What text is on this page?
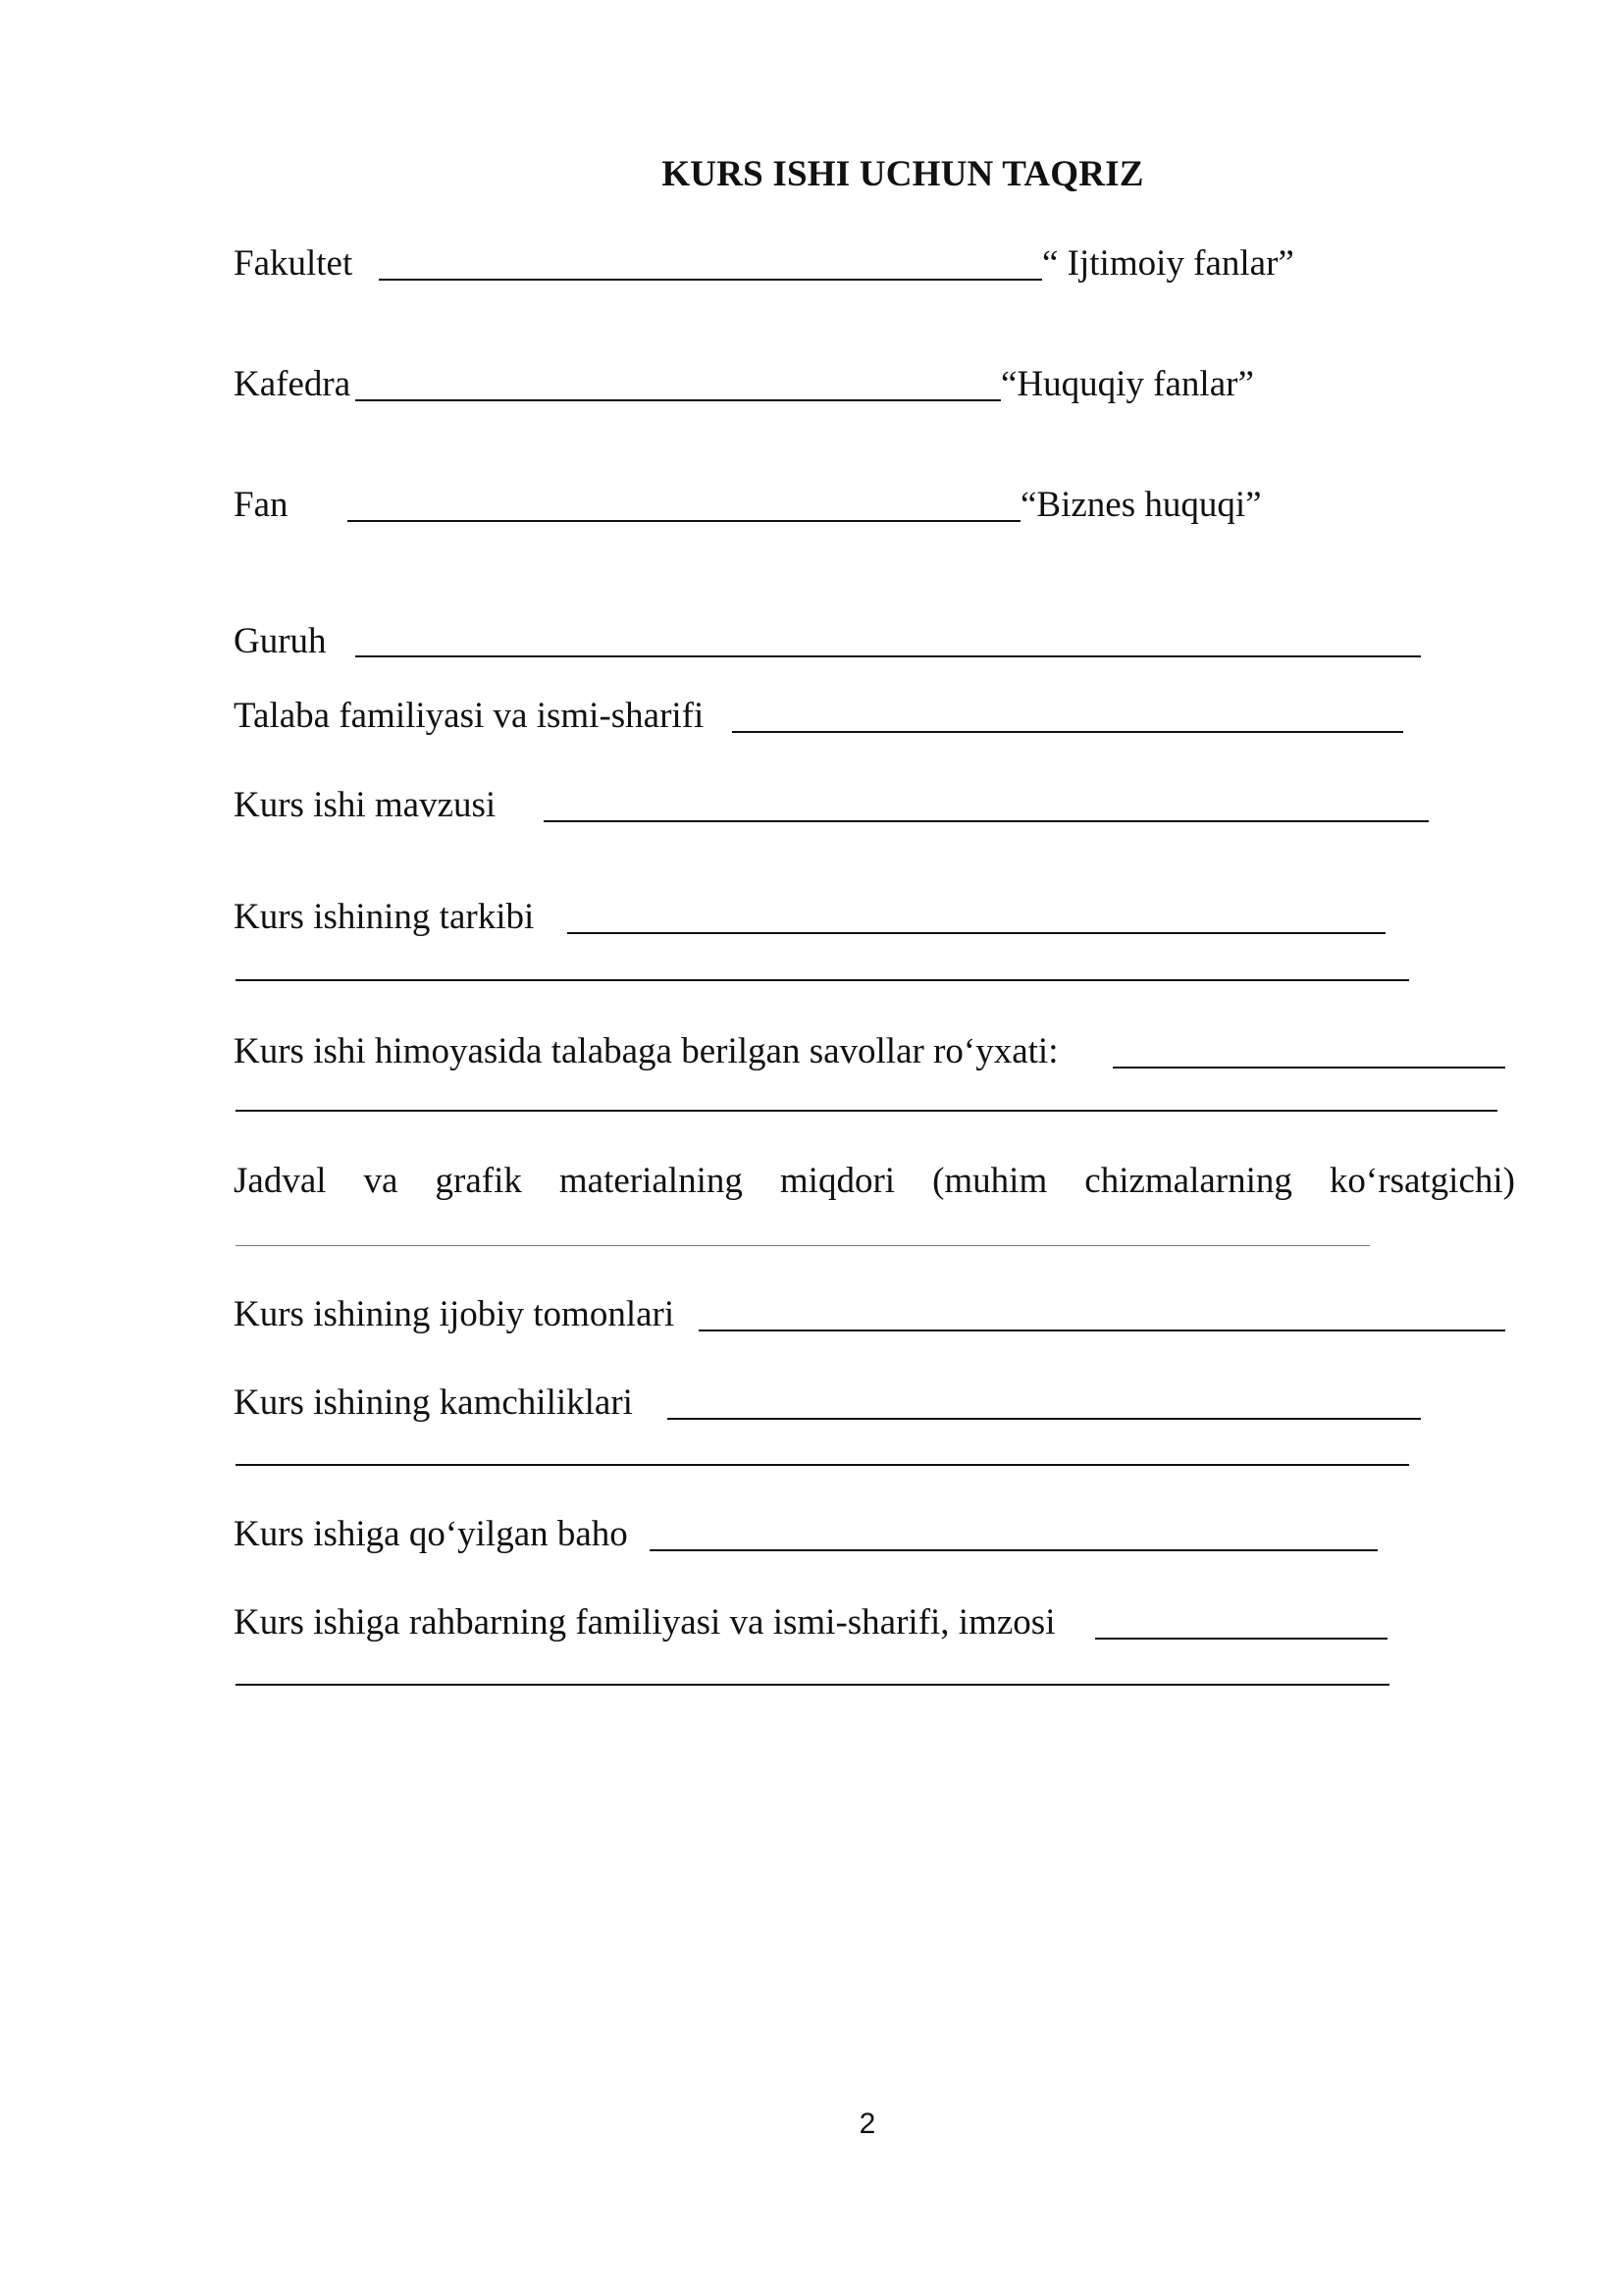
KURS ISHI UCHUN TAQRIZ
Fakultet	“ Ijtimoiy fanlar”
Kafedra	“Huquqiy fanlar”
Fan	“Biznes huquqi”
Guruh
Talaba familiyasi va ismi-sharifi
Kurs ishi mavzusi
Kurs ishining tarkibi
Kurs ishi himoyasida talabaga berilgan savollar ro‘yxati:
Jadval va grafik materialning miqdori (muhim chizmalarning ko‘rsatgichi)
Kurs ishining ijobiy tomonlari
Kurs ishining kamchiliklari
Kurs ishiga qo‘yilgan baho
Kurs ishiga rahbarning familiyasi va ismi-sharifi, imzosi
2
